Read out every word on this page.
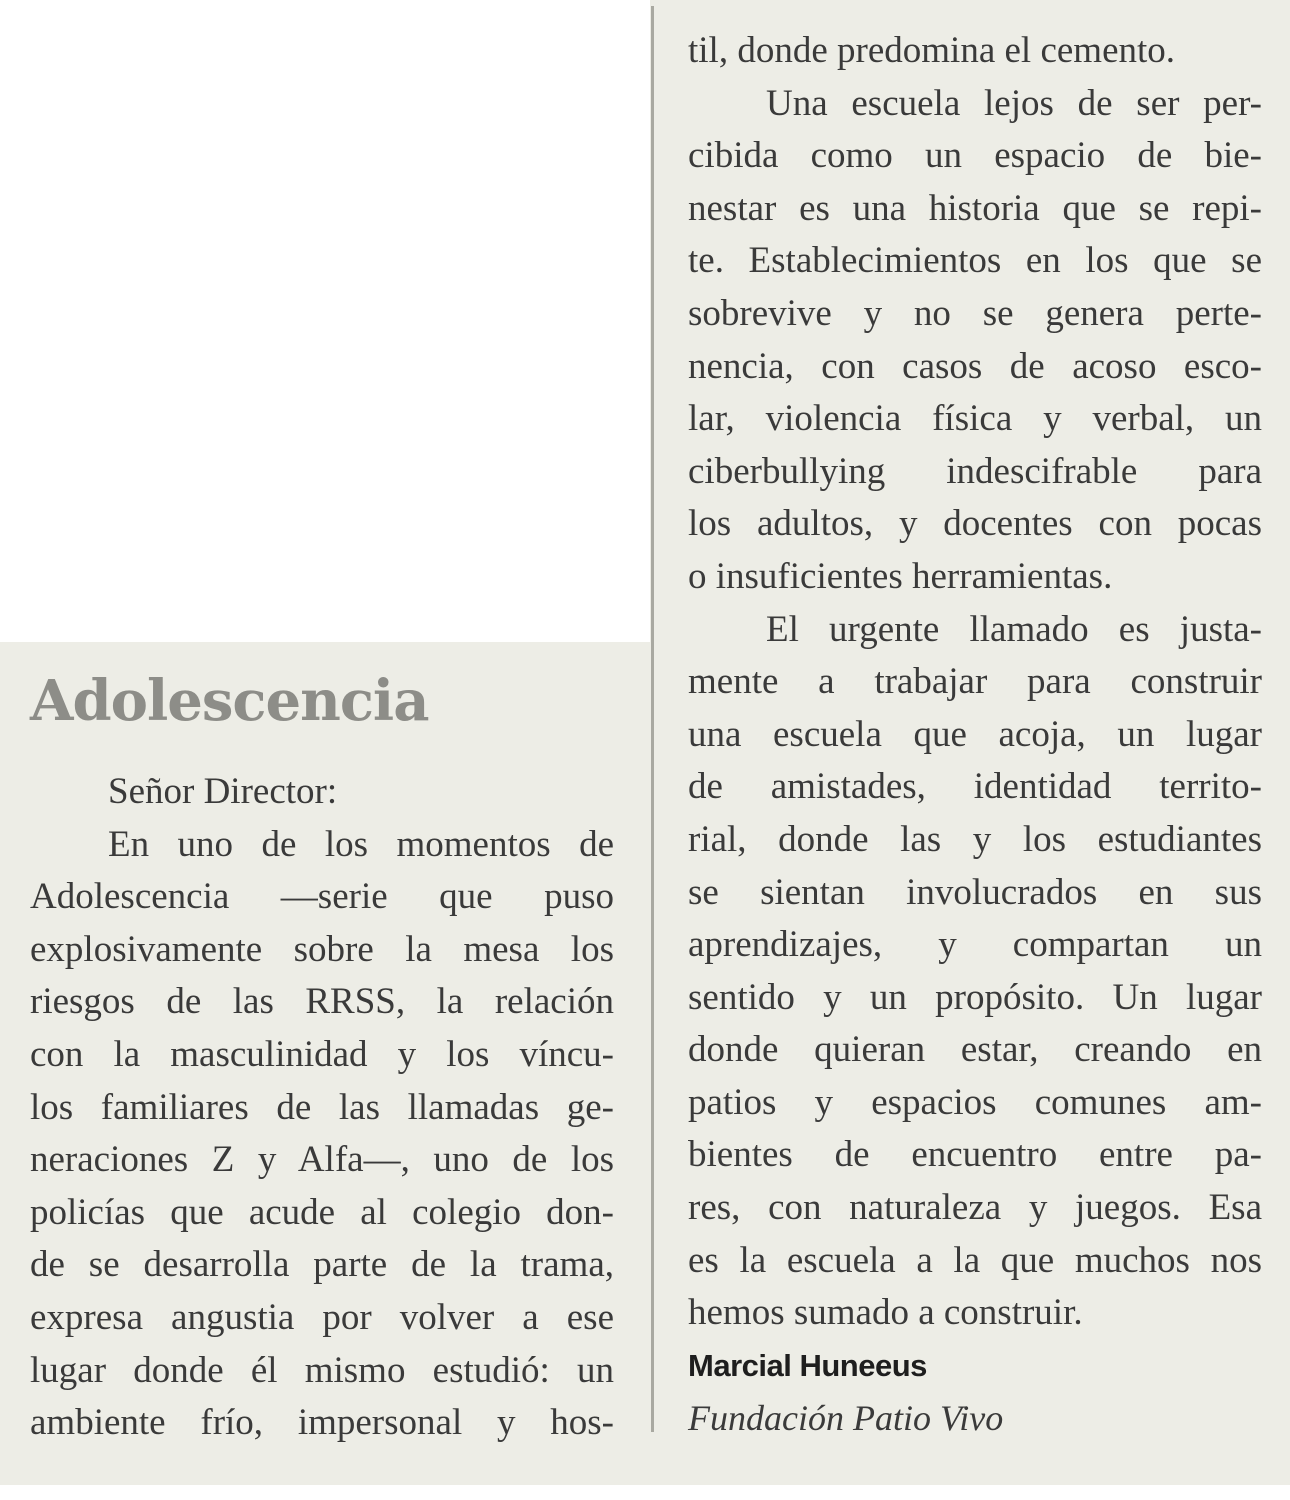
Adolescencia
Señor Director:
En uno de los momentos de
Adolescencia —serie que puso
explosivamente sobre la mesa los
riesgos de las RRSS, la relación
con la masculinidad y los víncu-
los familiares de las llamadas ge-
neraciones Z y Alfa—, uno de los
policías que acude al colegio don-
de se desarrolla parte de la trama,
expresa angustia por volver a ese
lugar donde él mismo estudió: un
ambiente frío, impersonal y hos-
til, donde predomina el cemento.
Una escuela lejos de ser per-
cibida como un espacio de bie-
nestar es una historia que se repi-
te. Establecimientos en los que se
sobrevive y no se genera perte-
nencia, con casos de acoso esco-
lar, violencia física y verbal, un
ciberbullying indescifrable para
los adultos, y docentes con pocas
o insuficientes herramientas.
El urgente llamado es justa-
mente a trabajar para construir
una escuela que acoja, un lugar
de amistades, identidad territo-
rial, donde las y los estudiantes
se sientan involucrados en sus
aprendizajes, y compartan un
sentido y un propósito. Un lugar
donde quieran estar, creando en
patios y espacios comunes am-
bientes de encuentro entre pa-
res, con naturaleza y juegos. Esa
es la escuela a la que muchos nos
hemos sumado a construir.
Marcial Huneeus
Fundación Patio Vivo
